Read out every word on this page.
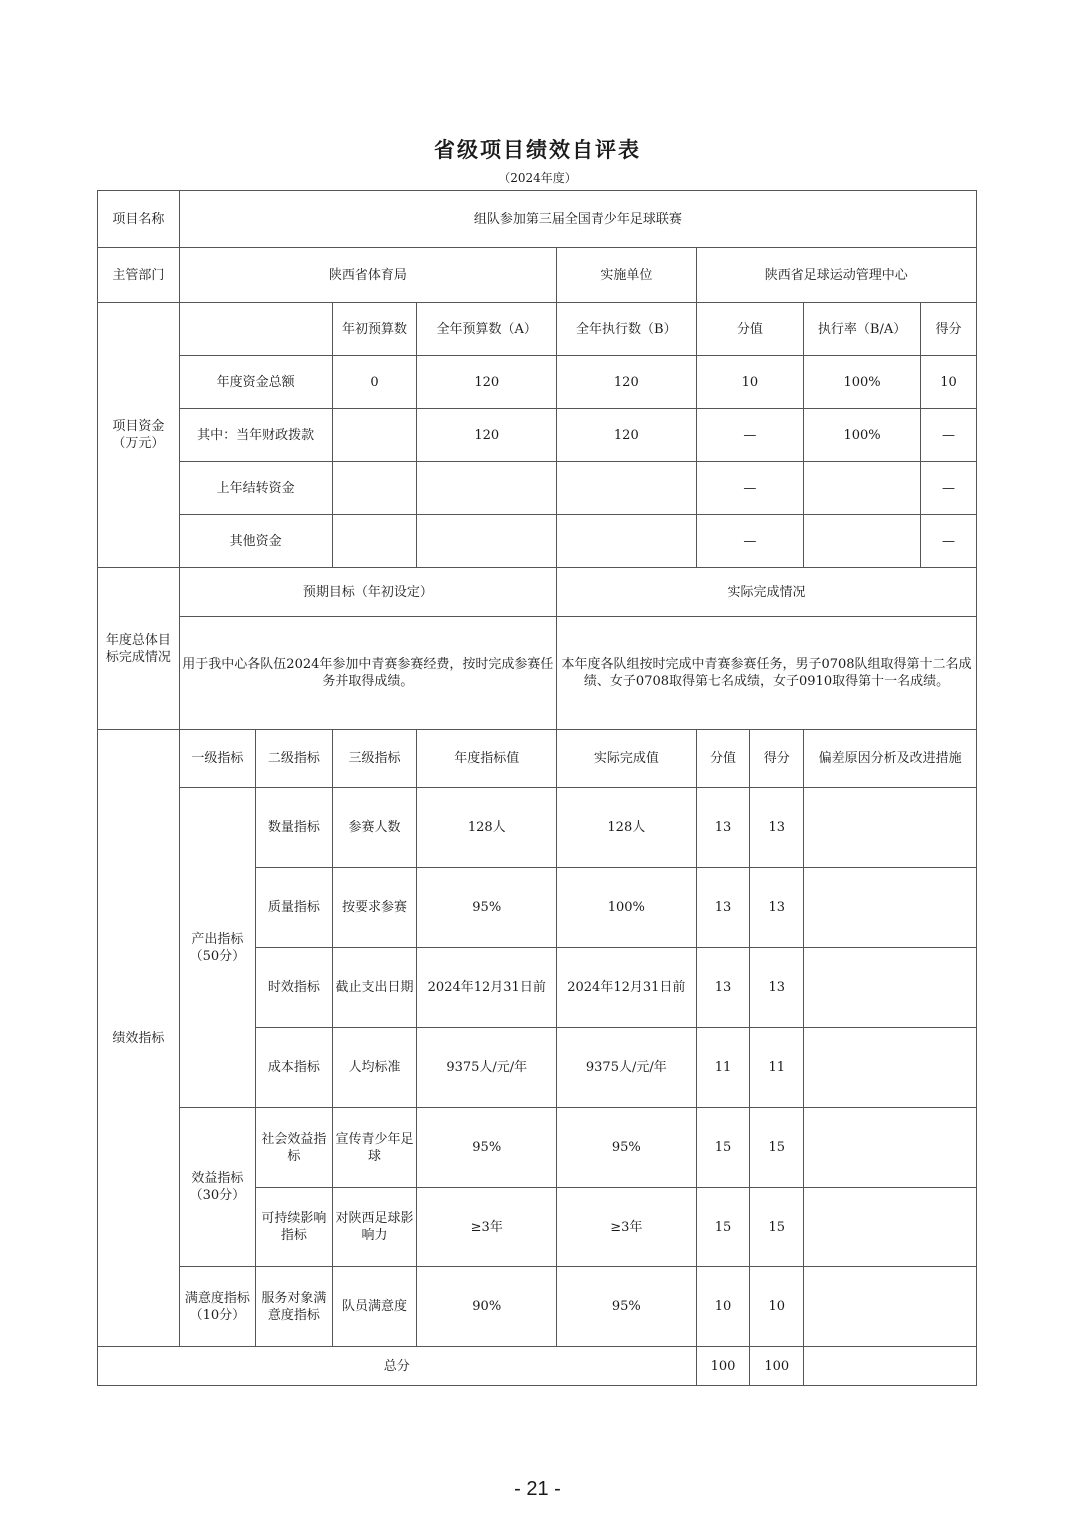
省级项目绩效自评表
（2024年度）
项目名称	组队参加第三届全国青少年足球联赛								
主管部门	陕西省体育局				实施单位	陕西省足球运动管理中心			
项目资金（万元）			年初预算数	全年预算数（A）	全年执行数（B）	分值		执行率（B/A）	得分
	年度资金总额		0	120	120	10		100%	10
	其中：当年财政拨款			120	120	—		100%	—
	上年结转资金					—			—
	其他资金					—			—
年度总体目标完成情况	预期目标（年初设定）				实际完成情况				
	用于我中心各队伍2024年参加中青赛参赛经费，按时完成参赛任务并取得成绩。				本年度各队组按时完成中青赛参赛任务，男子0708队组取得第十二名成绩、女子0708取得第七名成绩，女子0910取得第十一名成绩。				
绩效指标	一级指标	二级指标	三级指标	年度指标值	实际完成值	分值	得分	偏差原因分析及改进措施	
	产出指标（50分）	数量指标	参赛人数	128人	128人	13	13		
		质量指标	按要求参赛	95%	100%	13	13		
		时效指标	截止支出日期	2024年12月31日前	2024年12月31日前	13	13		
		成本指标	人均标准	9375人/元/年	9375人/元/年	11	11		
	效益指标（30分）	社会效益指标	宣传青少年足球	95%	95%	15	15		
		可持续影响指标	对陕西足球影响力	≥3年	≥3年	15	15		
	满意度指标（10分）	服务对象满意度指标	队员满意度	90%	95%	10	10		
总分						100	100		
- 21 -
